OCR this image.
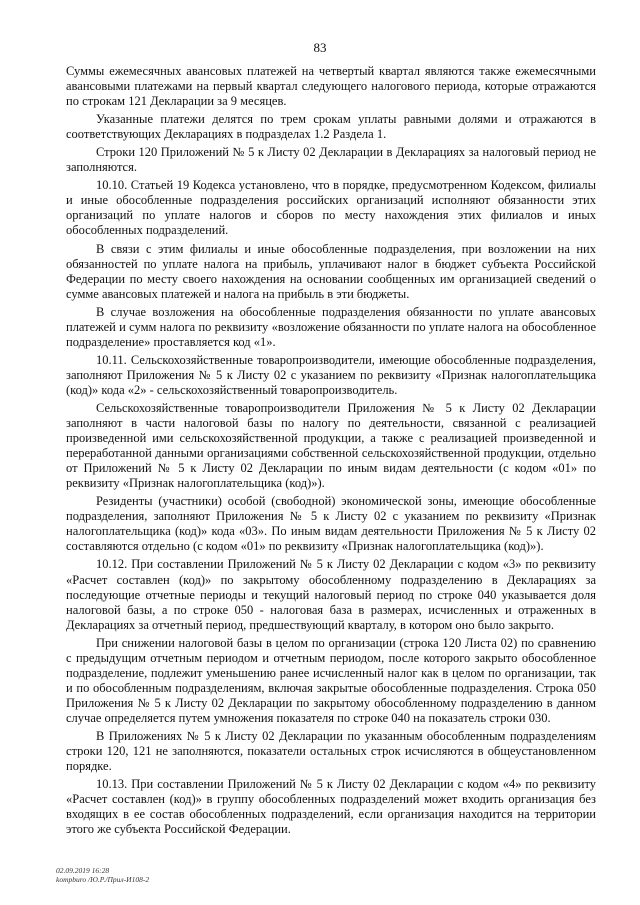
83

Суммы ежемесячных авансовых платежей на четвертый квартал являются также ежемесячными авансовыми платежами на первый квартал следующего налогового периода, которые отражаются по строкам 121 Декларации за 9 месяцев.

Указанные платежи делятся по трем срокам уплаты равными долями и отражаются в соответствующих Декларациях в подразделах 1.2 Раздела 1.

Строки 120 Приложений № 5 к Листу 02 Декларации в Декларациях за налоговый период не заполняются.

10.10. Статьей 19 Кодекса установлено, что в порядке, предусмотренном Кодексом, филиалы и иные обособленные подразделения российских организаций исполняют обязанности этих организаций по уплате налогов и сборов по месту нахождения этих филиалов и иных обособленных подразделений.

В связи с этим филиалы и иные обособленные подразделения, при возложении на них обязанностей по уплате налога на прибыль, уплачивают налог в бюджет субъекта Российской Федерации по месту своего нахождения на основании сообщенных им организацией сведений о сумме авансовых платежей и налога на прибыль в эти бюджеты.

В случае возложения на обособленные подразделения обязанности по уплате авансовых платежей и сумм налога по реквизиту «возложение обязанности по уплате налога на обособленное подразделение» проставляется код «1».

10.11. Сельскохозяйственные товаропроизводители, имеющие обособленные подразделения, заполняют Приложения № 5 к Листу 02 с указанием по реквизиту «Признак налогоплательщика (код)» кода «2» - сельскохозяйственный товаропроизводитель.

Сельскохозяйственные товаропроизводители Приложения № 5 к Листу 02 Декларации заполняют в части налоговой базы по налогу по деятельности, связанной с реализацией произведенной ими сельскохозяйственной продукции, а также с реализацией произведенной и переработанной данными организациями собственной сельскохозяйственной продукции, отдельно от Приложений № 5 к Листу 02 Декларации по иным видам деятельности (с кодом «01» по реквизиту «Признак налогоплательщика (код)»).

Резиденты (участники) особой (свободной) экономической зоны, имеющие обособленные подразделения, заполняют Приложения № 5 к Листу 02 с указанием по реквизиту «Признак налогоплательщика (код)» кода «03». По иным видам деятельности Приложения № 5 к Листу 02 составляются отдельно (с кодом «01» по реквизиту «Признак налогоплательщика (код)»).

10.12. При составлении Приложений № 5 к Листу 02 Декларации с кодом «3» по реквизиту «Расчет составлен (код)» по закрытому обособленному подразделению в Декларациях за последующие отчетные периоды и текущий налоговый период по строке 040 указывается доля налоговой базы, а по строке 050 - налоговая база в размерах, исчисленных и отраженных в Декларациях за отчетный период, предшествующий кварталу, в котором оно было закрыто.

При снижении налоговой базы в целом по организации (строка 120 Листа 02) по сравнению с предыдущим отчетным периодом и отчетным периодом, после которого закрыто обособленное подразделение, подлежит уменьшению ранее исчисленный налог как в целом по организации, так и по обособленным подразделениям, включая закрытые обособленные подразделения. Строка 050 Приложения № 5 к Листу 02 Декларации по закрытому обособленному подразделению в данном случае определяется путем умножения показателя по строке 040 на показатель строки 030.

В Приложениях № 5 к Листу 02 Декларации по указанным обособленным подразделениям строки 120, 121 не заполняются, показатели остальных строк исчисляются в общеустановленном порядке.

10.13. При составлении Приложений № 5 к Листу 02 Декларации с кодом «4» по реквизиту «Расчет составлен (код)» в группу обособленных подразделений может входить организация без входящих в ее состав обособленных подразделений, если организация находится на территории этого же субъекта Российской Федерации.

02.09.2019 16:28
kompburo /Ю.Р./Прил-И108-2
